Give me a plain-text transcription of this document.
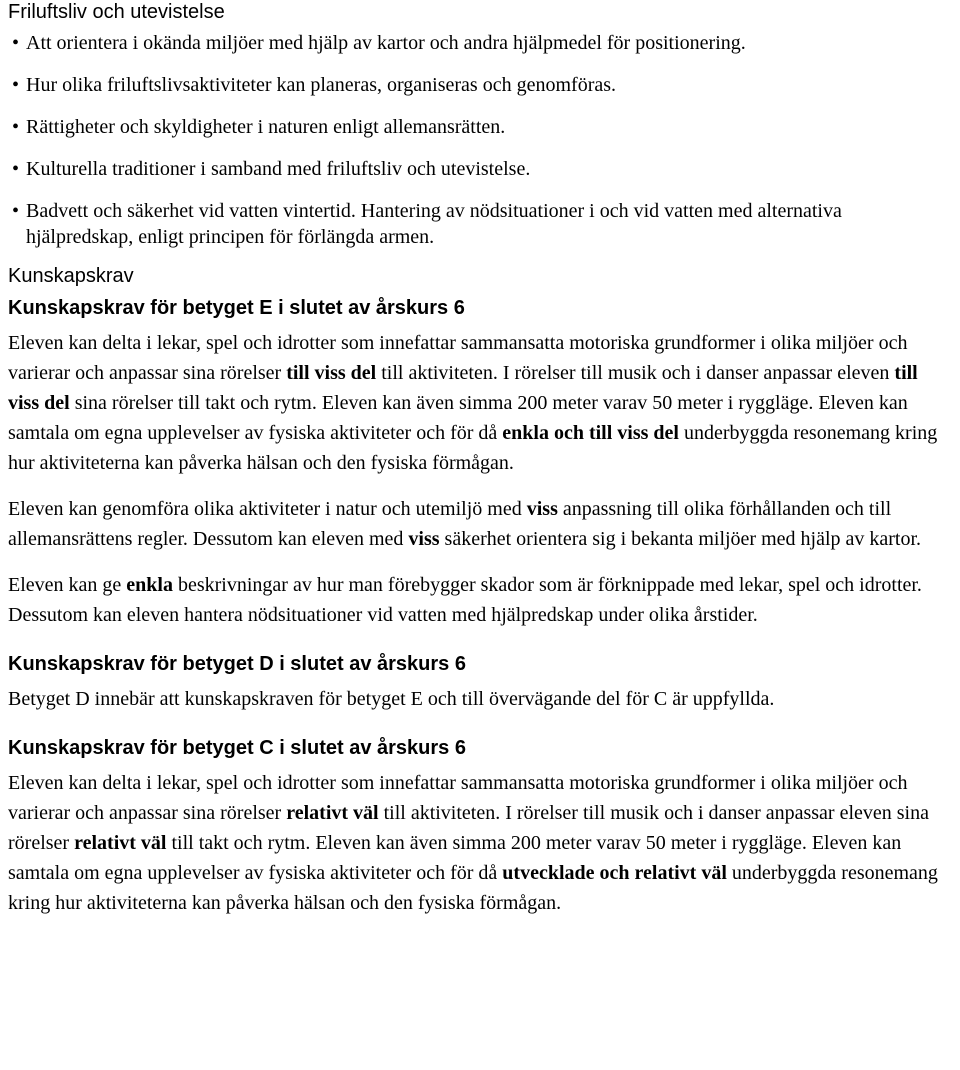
Friluftsliv och utevistelse
• Att orientera i okända miljöer med hjälp av kartor och andra hjälpmedel för positionering.
• Hur olika friluftslivsaktiviteter kan planeras, organiseras och genomföras.
• Rättigheter och skyldigheter i naturen enligt allemansrätten.
• Kulturella traditioner i samband med friluftsliv och utevistelse.
• Badvett och säkerhet vid vatten vintertid. Hantering av nödsituationer i och vid vatten med alternativa hjälpredskap, enligt principen för förlängda armen.
Kunskapskrav
Kunskapskrav för betyget E i slutet av årskurs 6

Eleven kan delta i lekar, spel och idrotter som innefattar sammansatta motoriska grundformer i olika miljöer och varierar och anpassar sina rörelser till viss del till aktiviteten. I rörelser till musik och i danser anpassar eleven till viss del sina rörelser till takt och rytm. Eleven kan även simma 200 meter varav 50 meter i ryggläge. Eleven kan samtala om egna upplevelser av fysiska aktiviteter och för då enkla och till viss del underbyggda resonemang kring hur aktiviteterna kan påverka hälsan och den fysiska förmågan.

Eleven kan genomföra olika aktiviteter i natur och utemiljö med viss anpassning till olika förhållanden och till allemansrättens regler. Dessutom kan eleven med viss säkerhet orientera sig i bekanta miljöer med hjälp av kartor.

Eleven kan ge enkla beskrivningar av hur man förebygger skador som är förknippade med lekar, spel och idrotter. Dessutom kan eleven hantera nödsituationer vid vatten med hjälpredskap under olika årstider.

Kunskapskrav för betyget D i slutet av årskurs 6

Betyget D innebär att kunskapskraven för betyget E och till övervägande del för C är uppfyllda.

Kunskapskrav för betyget C i slutet av årskurs 6

Eleven kan delta i lekar, spel och idrotter som innefattar sammansatta motoriska grundformer i olika miljöer och varierar och anpassar sina rörelser relativt väl till aktiviteten. I rörelser till musik och i danser anpassar eleven sina rörelser relativt väl till takt och rytm. Eleven kan även simma 200 meter varav 50 meter i ryggläge. Eleven kan samtala om egna upplevelser av fysiska aktiviteter och för då utvecklade och relativt väl underbyggda resonemang kring hur aktiviteterna kan påverka hälsan och den fysiska förmågan.
